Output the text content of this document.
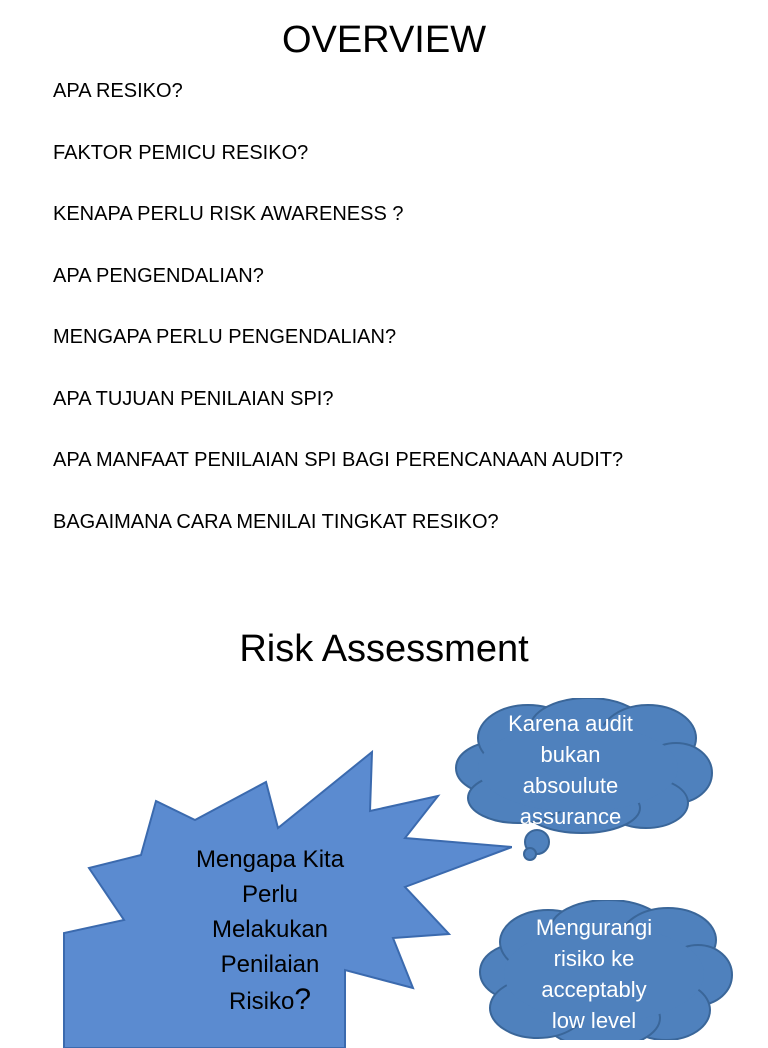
OVERVIEW
APA RESIKO?
FAKTOR PEMICU RESIKO?
KENAPA PERLU RISK AWARENESS ?
APA PENGENDALIAN?
MENGAPA PERLU PENGENDALIAN?
APA TUJUAN PENILAIAN SPI?
APA MANFAAT PENILAIAN SPI BAGI PERENCANAAN AUDIT?
BAGAIMANA CARA MENILAI TINGKAT RESIKO?
Risk Assessment
Mengapa Kita
Perlu
Melakukan
Penilaian
Risiko?
Karena audit
bukan
absoulute
assurance
Mengurangi
risiko ke
acceptably
low level
